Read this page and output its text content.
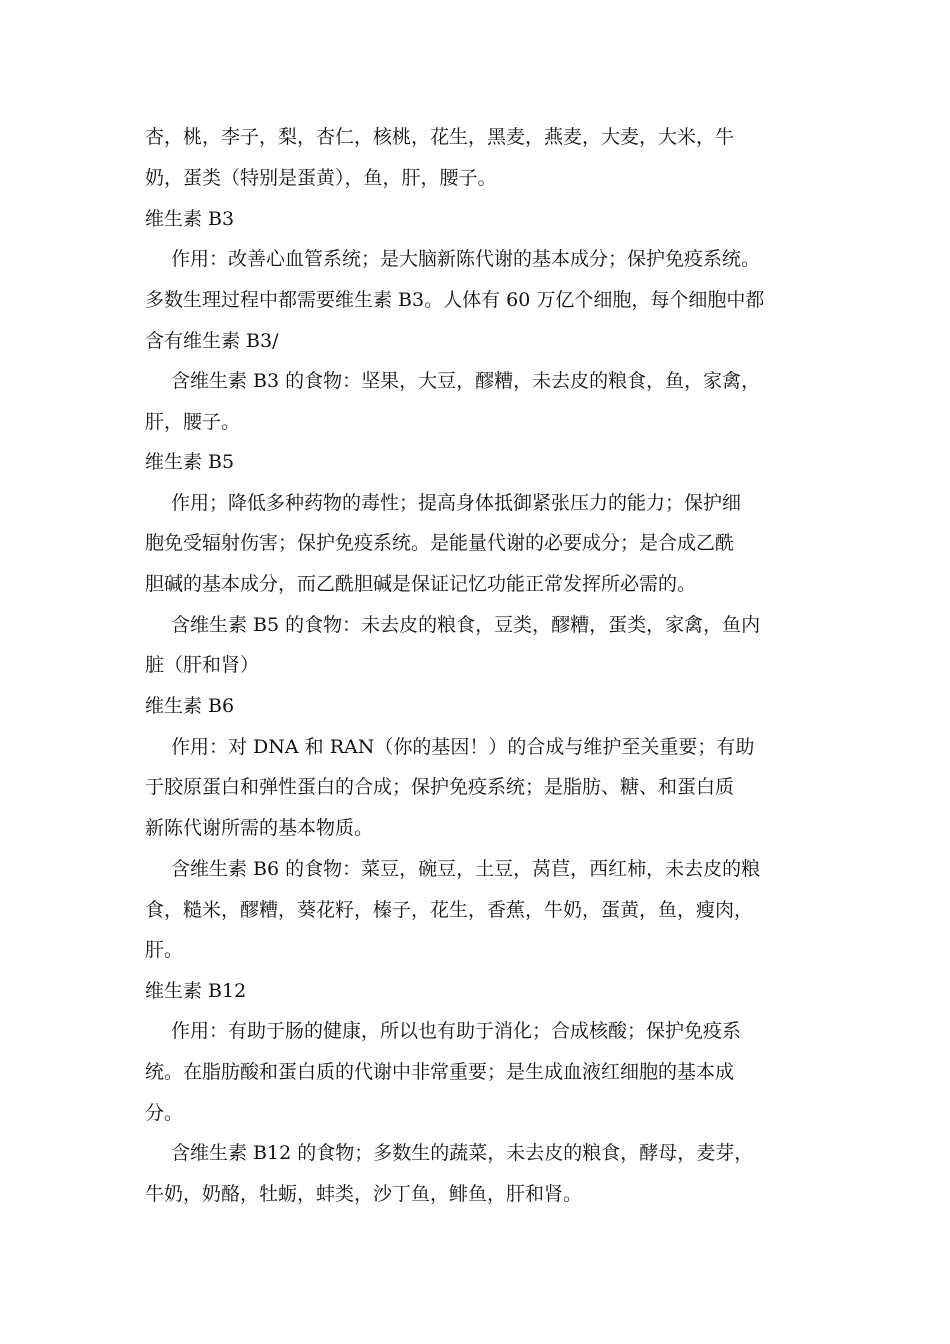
杏，桃，李子，梨，杏仁，核桃，花生，黑麦，燕麦，大麦，大米，牛
奶，蛋类（特别是蛋黄），鱼，肝，腰子。
维生素 B3
作用：改善心血管系统；是大脑新陈代谢的基本成分；保护免疫系统。
多数生理过程中都需要维生素 B3。人体有 60 万亿个细胞，每个细胞中都
含有维生素 B3/
含维生素 B3 的食物：坚果，大豆，醪糟，未去皮的粮食，鱼，家禽，
肝，腰子。
维生素 B5
作用；降低多种药物的毒性；提高身体抵御紧张压力的能力；保护细
胞免受辐射伤害；保护免疫系统。是能量代谢的必要成分；是合成乙酰
胆碱的基本成分，而乙酰胆碱是保证记忆功能正常发挥所必需的。
含维生素 B5 的食物：未去皮的粮食，豆类，醪糟，蛋类，家禽，鱼内
脏（肝和肾）
维生素 B6
作用：对 DNA 和 RAN（你的基因！）的合成与维护至关重要；有助
于胶原蛋白和弹性蛋白的合成；保护免疫系统；是脂肪、糖、和蛋白质
新陈代谢所需的基本物质。
含维生素 B6 的食物：菜豆，碗豆，土豆，莴苣，西红柿，未去皮的粮
食，糙米，醪糟，葵花籽，榛子，花生，香蕉，牛奶，蛋黄，鱼，瘦肉，
肝。
维生素 B12
作用：有助于肠的健康，所以也有助于消化；合成核酸；保护免疫系
统。在脂肪酸和蛋白质的代谢中非常重要；是生成血液红细胞的基本成
分。
含维生素 B12 的食物；多数生的蔬菜，未去皮的粮食，酵母，麦芽，
牛奶，奶酪，牡蛎，蚌类，沙丁鱼，鲱鱼，肝和肾。
